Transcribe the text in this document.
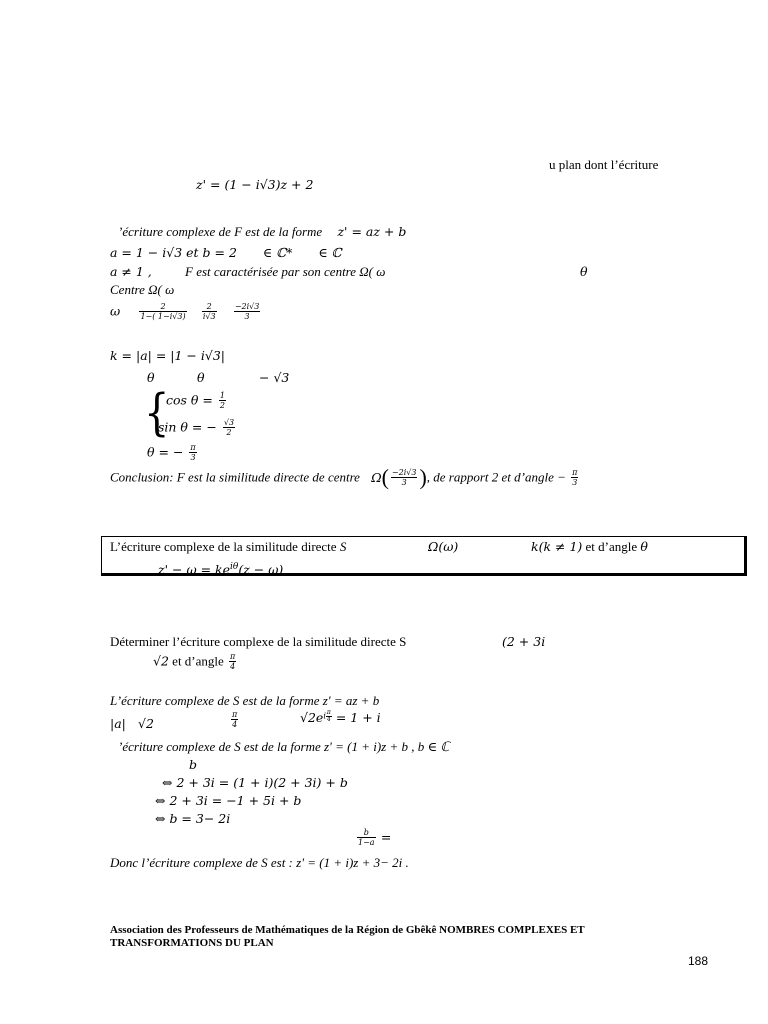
u plan dont l’écriture
z' = (1 − i√3)z + 2
’écriture complexe de F est de la forme z' = az + b
a = 1 − i√3 et b = 2 ∈ ℂ* ∈ ℂ
a ≠ 1 ,	F est caractérisée par son centre Ω( ω	θ
Centre Ω( ω
ω $\frac{2}{1-( 1-i√3)}$
$\frac{2}{i√3}$
$\frac{-2i√3}{3}$
k = |a| = |1 − i√3|
θ	θ	− √3
{
$\cos \theta = \frac{1}{2}$
sin θ = − $\frac{√3}{2}$
θ = − $\frac{\pi}{3}$
Conclusion: F est la similitude directe de centre $\Omega( \frac{-2i√3}{3}$ ), de rapport 2 et d’angle − $\frac{\pi}{3}$
L’écriture complexe de la similitude directe S	Ω(ω)	k(k ≠ 1) et d’angle θ
$z' - \omega = ke^{i\theta}(z - \omega)$
Déterminer l’écriture complexe de la similitude directe S	(2 + 3i
√2 et d’angle $\frac{\pi}{4}$
L’écriture complexe de S est de la forme z' = az + b
|a| √2	$\frac{\pi}{4}$	$√2ei \frac{\pi}{4} = 1 + i$
’écriture complexe de S est de la forme z' = (1 + i)z + b , b ∈ ℂ
b
⇔ 2 + 3i = (1 + i)(2 + 3i) + b
⇔ 2 + 3i = −1 + 5i + b
⇔ b = 3− 2i
$\frac{b}{1-a}$ =
Donc l’écriture complexe de S est : z' = (1 + i)z + 3− 2i .
Association des Professeurs de Mathématiques de la Région de Gbêkê NOMBRES COMPLEXES ET
TRANSFORMATIONS DU PLAN
188
